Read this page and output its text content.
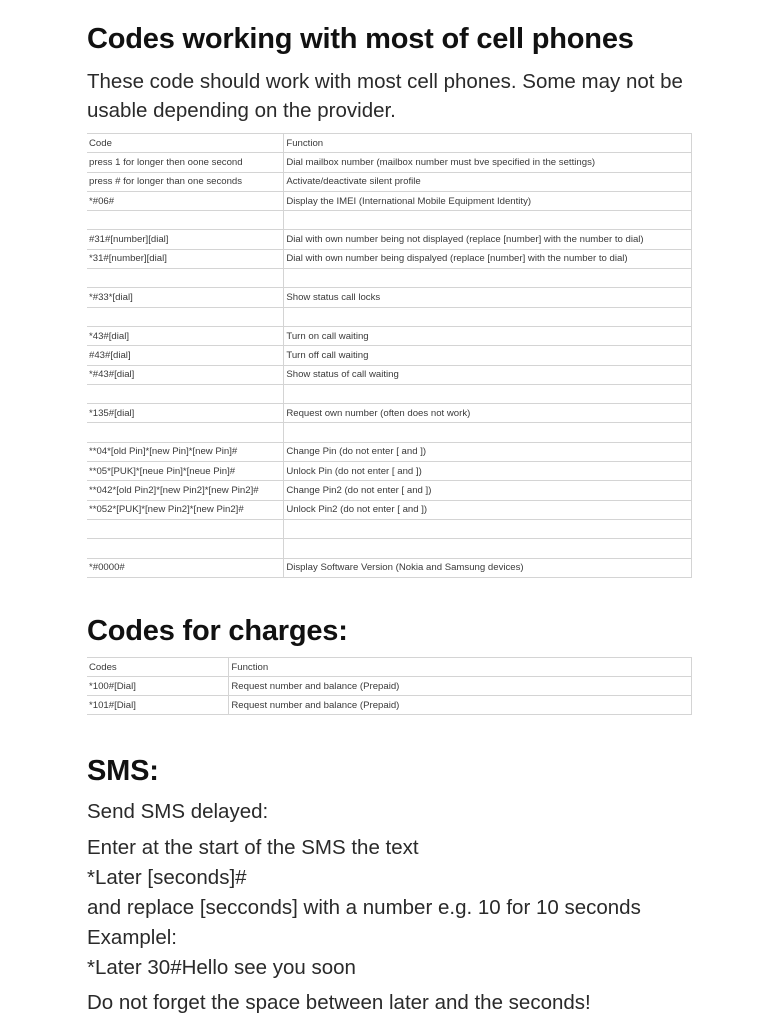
Codes working with most of cell phones

These code should work with most cell phones. Some may not be usable depending on the provider.

Code	Function
press 1 for longer then oone second	Dial mailbox number (mailbox number must bve specified in the settings)
press # for longer than one seconds	Activate/deactivate silent profile
*#06#	Display the IMEI (International Mobile Equipment Identity)

#31#[number][dial]	Dial with own number being not displayed (replace [number] with the number to dial)
*31#[number][dial]	Dial with own number being dispalyed (replace [number] with the number to dial)

*#33*[dial]	Show status call locks

*43#[dial]	Turn on call waiting
#43#[dial]	Turn off call waiting
*#43#[dial]	Show status of call waiting

*135#[dial]	Request own number (often does not work)

**04*[old Pin]*[new Pin]*[new Pin]#	Change Pin (do not enter [ and ])
**05*[PUK]*[neue Pin]*[neue Pin]#	Unlock Pin (do not enter [ and ])
**042*[old Pin2]*[new Pin2]*[new Pin2]#	Change Pin2 (do not enter [ and ])
**052*[PUK]*[new Pin2]*[new Pin2]#	Unlock Pin2 (do not enter [ and ])

*#0000#	Display Software Version (Nokia and Samsung devices)
Codes for charges:
Codes	Function
*100#[Dial]	Request number and balance (Prepaid)
*101#[Dial]	Request number and balance (Prepaid)
SMS:

Send SMS delayed:

Enter at the start of the SMS the text
*Later [seconds]#
and replace [secconds] with a number e.g. 10 for 10 seconds
Examplel:
*Later 30#Hello see you soon

Do not forget the space between later and the seconds!
